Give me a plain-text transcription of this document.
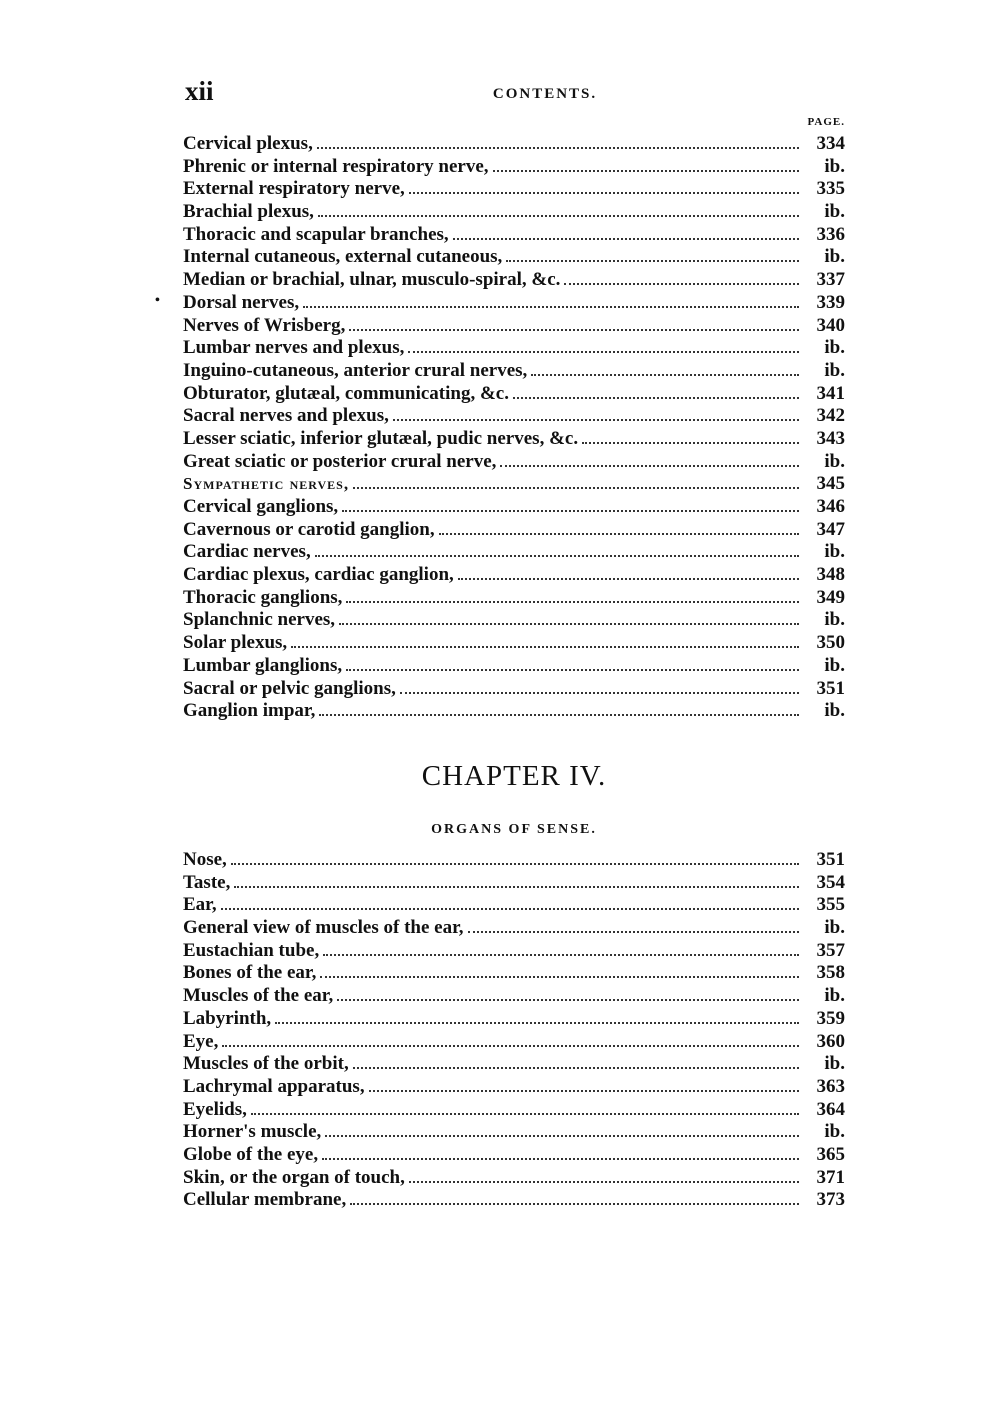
xii	CONTENTS.
PAGE.
•
Cervical plexus,	334
Phrenic or internal respiratory nerve,	ib.
External respiratory nerve,	335
Brachial plexus,	ib.
Thoracic and scapular branches,	336
Internal cutaneous, external cutaneous,	ib.
Median or brachial, ulnar, musculo-spiral, &c.	337
Dorsal nerves,	339
Nerves of Wrisberg,	340
Lumbar nerves and plexus,	ib.
Inguino-cutaneous, anterior crural nerves,	ib.
Obturator, glutæal, communicating, &c.	341
Sacral nerves and plexus,	342
Lesser sciatic, inferior glutæal, pudic nerves, &c.	343
Great sciatic or posterior crural nerve,	ib.
Sympathetic nerves,	345
Cervical ganglions,	346
Cavernous or carotid ganglion,	347
Cardiac nerves,	ib.
Cardiac plexus, cardiac ganglion,	348
Thoracic ganglions,	349
Splanchnic nerves,	ib.
Solar plexus,	350
Lumbar glanglions,	ib.
Sacral or pelvic ganglions,	351
Ganglion impar,	ib.
CHAPTER IV.
ORGANS OF SENSE.
Nose,	351
Taste,	354
Ear,	355
General view of muscles of the ear,	ib.
Eustachian tube,	357
Bones of the ear,	358
Muscles of the ear,	ib.
Labyrinth,	359
Eye,	360
Muscles of the orbit,	ib.
Lachrymal apparatus,	363
Eyelids,	364
Horner's muscle,	ib.
Globe of the eye,	365
Skin, or the organ of touch,	371
Cellular membrane,	373
